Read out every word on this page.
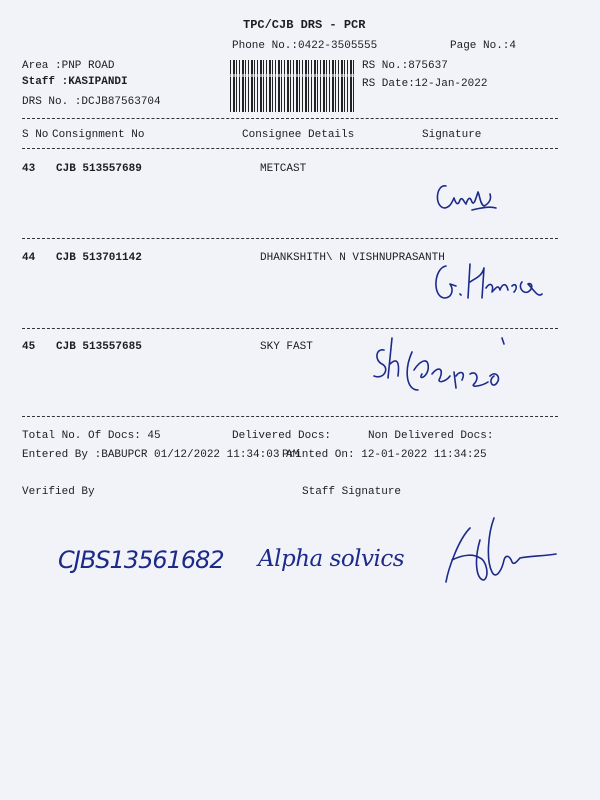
TPC/CJB DRS - PCR
Phone No.:0422-3505555	Page No.:4
Area :PNP ROAD
Staff :KASIPANDI
DRS No. :DCJB87563704
RS No.:875637
RS Date:12-Jan-2022
S No Consignment No	Consignee Details	Signature
43 CJB 513557689	METCAST
44 CJB 513701142	DHANKSHITH\ N VISHNUPRASANTH
45 CJB 513557685	SKY FAST
Total No. Of Docs: 45	Delivered Docs:	Non Delivered Docs:
Entered By :BABUPCR 01/12/2022 11:34:03 AM
Printed On: 12-01-2022 11:34:25
Verified By	Staff Signature
CJBS13561682 Alpha solvics
